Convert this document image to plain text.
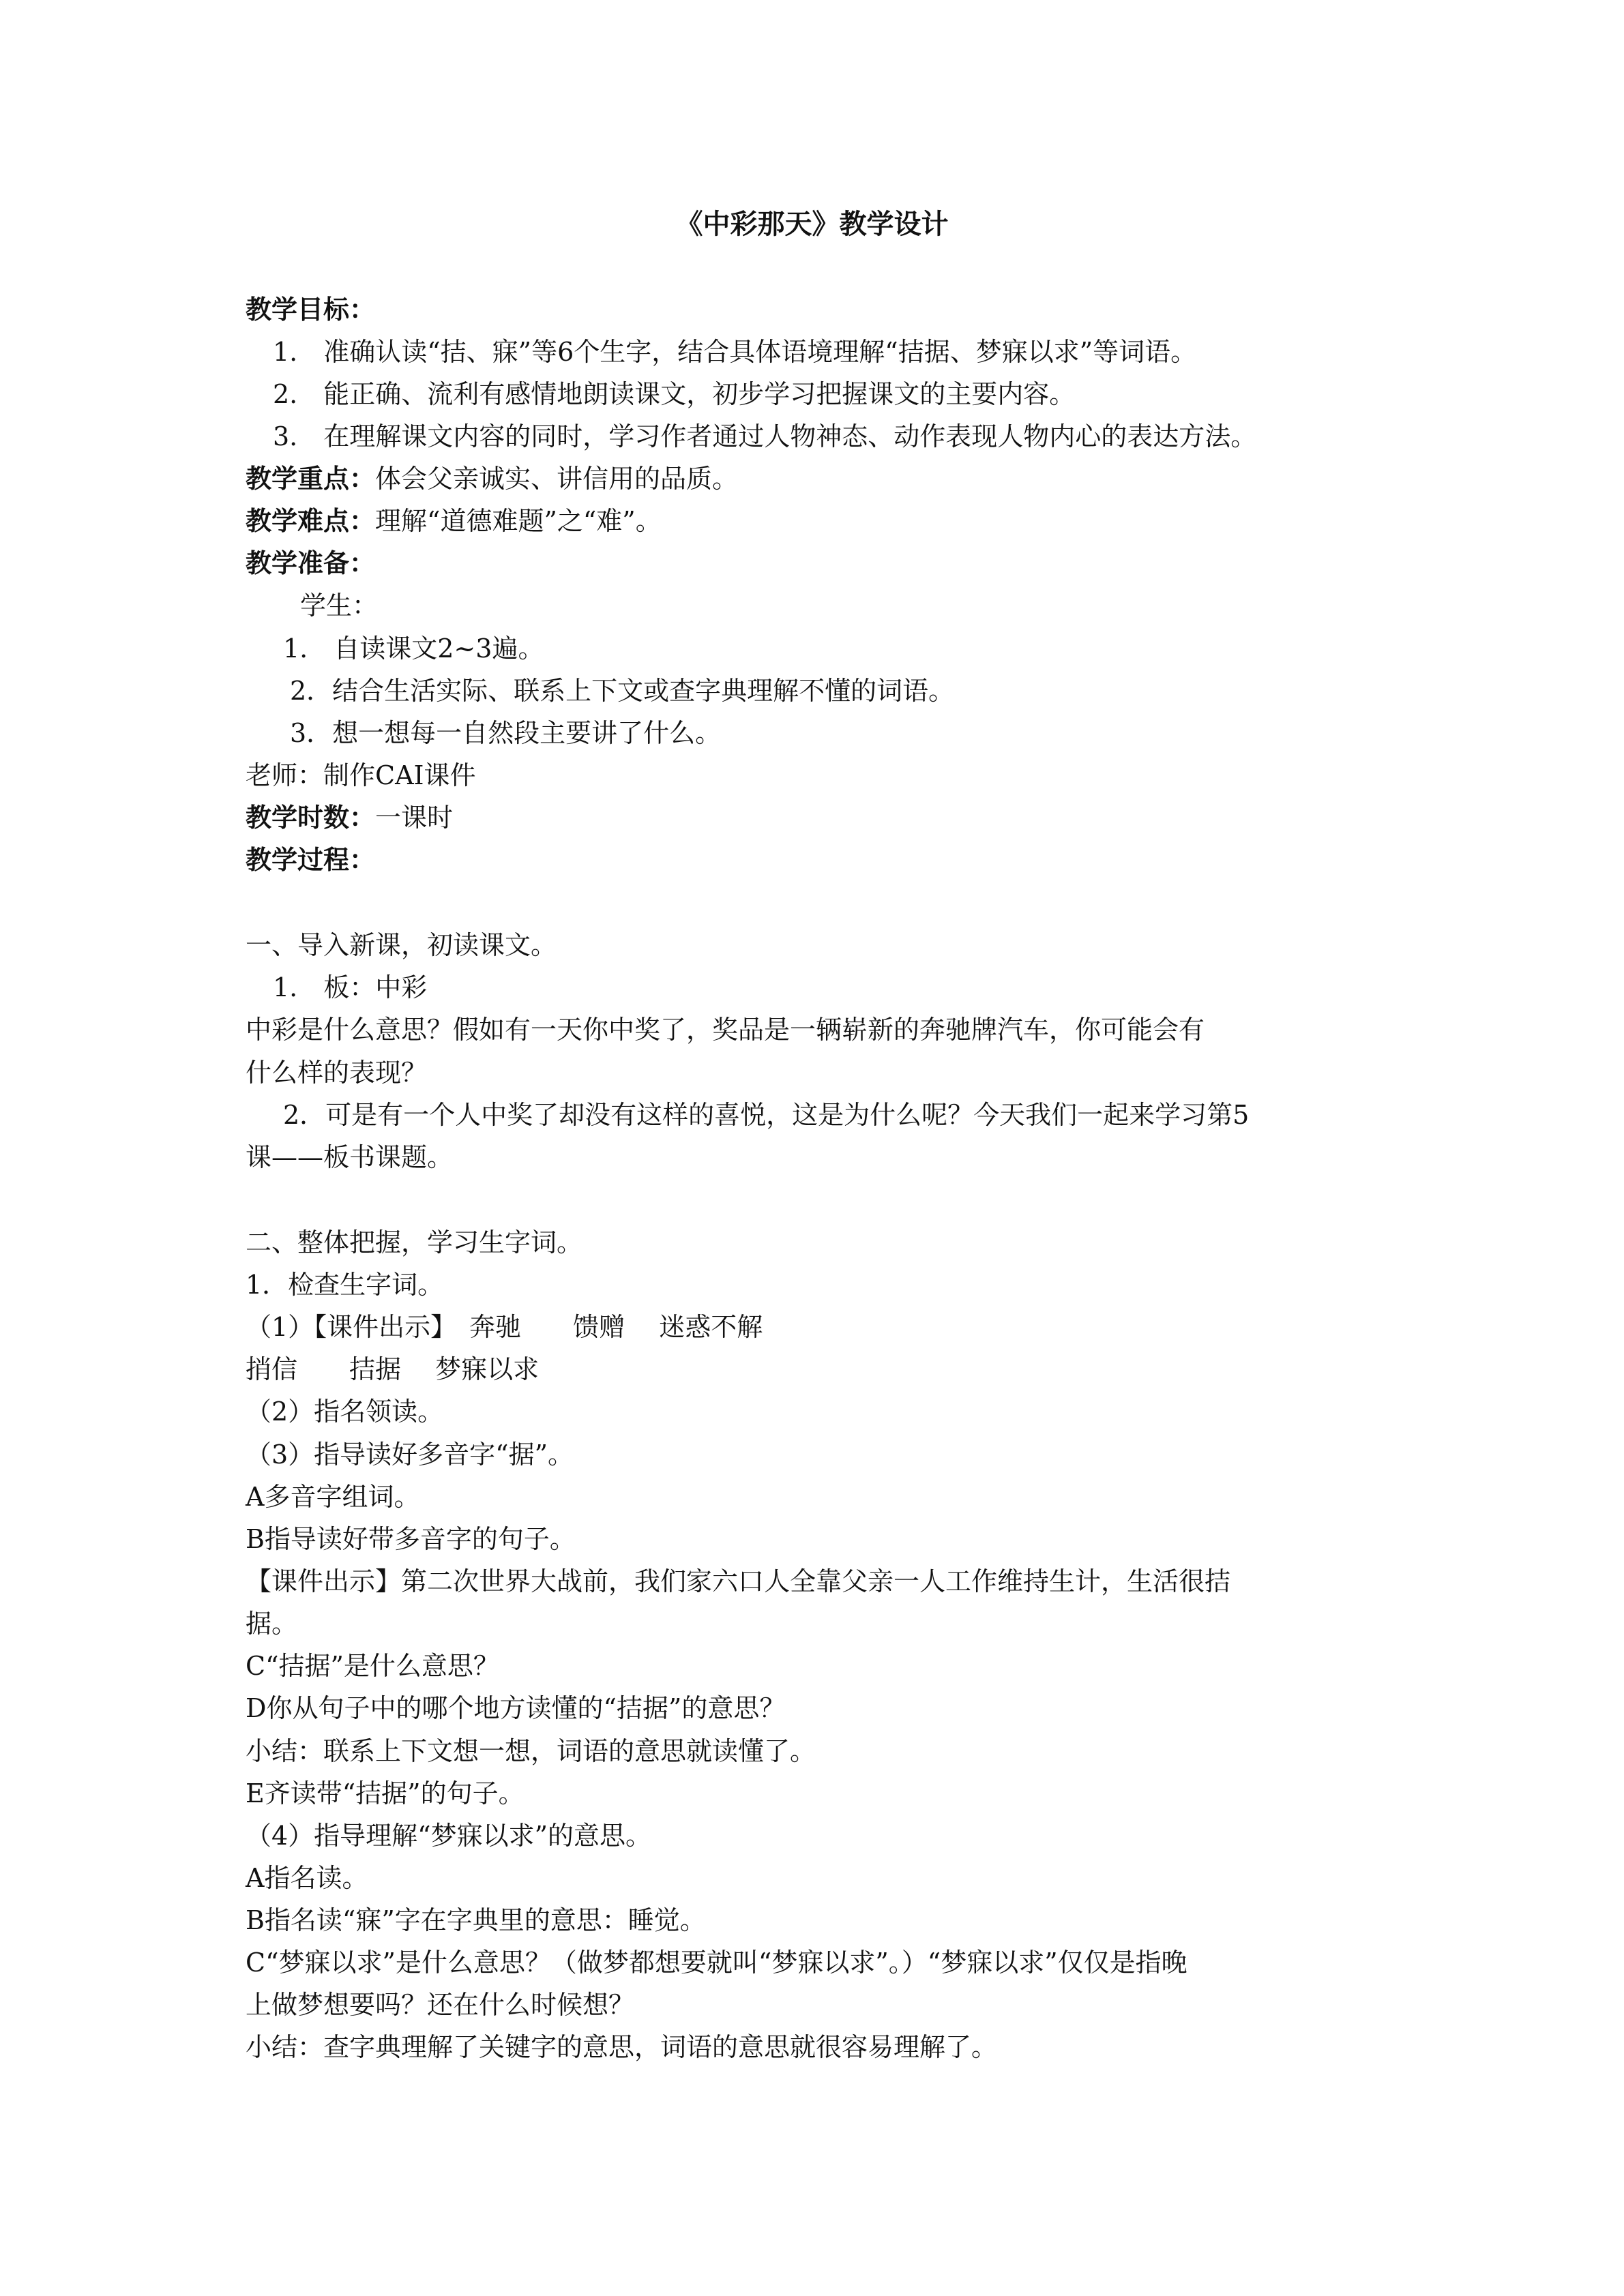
《中彩那天》教学设计
教学目标：
1.　准确认读“拮、寐”等6个生字，结合具体语境理解“拮据、梦寐以求”等词语。
2.　能正确、流利有感情地朗读课文，初步学习把握课文的主要内容。
3.　在理解课文内容的同时，学习作者通过人物神态、动作表现人物内心的表达方法。
教学重点：体会父亲诚实、讲信用的品质。
教学难点：理解“道德难题”之“难”。
教学准备：
学生：
1.　自读课文2~3遍。
2．结合生活实际、联系上下文或查字典理解不懂的词语。
3．想一想每一自然段主要讲了什么。
老师：制作CAI课件
教学时数：一课时
教学过程：
一、导入新课，初读课文。
1.　板：中彩
中彩是什么意思？假如有一天你中奖了，奖品是一辆崭新的奔驰牌汽车，你可能会有
什么样的表现？
2．可是有一个人中奖了却没有这样的喜悦，这是为什么呢？今天我们一起来学习第5
课——板书课题。
二、整体把握，学习生字词。
1．检查生字词。
（1）【课件出示】　奔驰　　馈赠　 迷惑不解
捎信　　拮据　 梦寐以求
（2）指名领读。
（3）指导读好多音字“据”。
A多音字组词。
B指导读好带多音字的句子。
【课件出示】第二次世界大战前，我们家六口人全靠父亲一人工作维持生计，生活很拮
据。
C“拮据”是什么意思？
D你从句子中的哪个地方读懂的“拮据”的意思？
小结：联系上下文想一想，词语的意思就读懂了。
E齐读带“拮据”的句子。
（4）指导理解“梦寐以求”的意思。
A指名读。
B指名读“寐”字在字典里的意思：睡觉。
C“梦寐以求”是什么意思？（做梦都想要就叫“梦寐以求”。）“梦寐以求”仅仅是指晚
上做梦想要吗？还在什么时候想？
小结：查字典理解了关键字的意思，词语的意思就很容易理解了。
